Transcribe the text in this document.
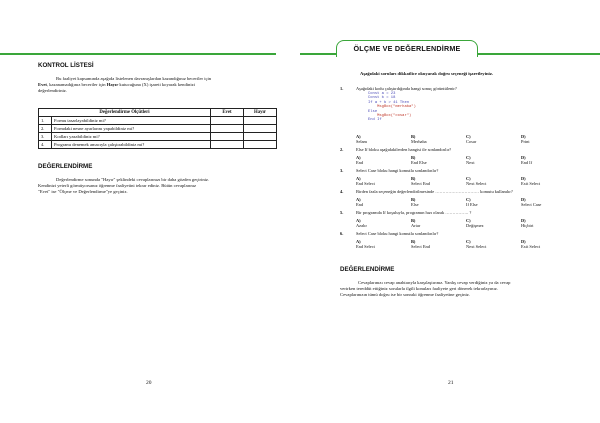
KONTROL LİSTESİ
Bu faaliyet kapsamında aşağıda listelenen davranışlardan kazandığınız beceriler için
Evet, kazanamadığınız beceriler için Hayır kutucuğuna (X) işareti koyarak kendinizi
değerlendiriniz.
Değerlendirme Ölçütleri		Evet	Hayır
1.	Formu tasarlayabildiniz mi?		
2.	Formdaki nesne ayarlarını yapabildiniz mi?		
3.	Kodları yazabildiniz mi?		
4.	Programı denemek amacıyla çalıştırabildiniz mi?		
DEĞERLENDİRME
Değerlendirme sonunda "Hayır" şeklindeki cevaplarınızı bir daha gözden geçiriniz.
Kendinizi yeterli görmüyorsanız öğrenme faaliyetini tekrar ediniz. Bütün cevaplarınız
"Evet" ise "Ölçme ve Değerlendirme"ye geçiniz.
20
ÖLÇME VE DEĞERLENDİRME
Aşağıdaki soruları dikkatlice okuyarak doğru seçeneği işaretleyiniz.
1.	Aşağıdaki kodu çalıştırdığında hangi sonuç görüntülenir?
Const a = 23
Const b = 18
If a + b > 41 Then
MsgBox("merhaba")
Else
MsgBox("cosar")
End If
A) Selam
B) Merhaba
C) Cosar
D) Print
2.	Else If bloku aşağıdakilerden hangisi ile sonlandırılır?
A) End
B) End Else
C) Next
D) End If
3.	Select Case bloku hangi komutla sonlandırılır?
A) End Select
B) Select End
C) Next Select
D) Exit Select
4.	Birden fazla seçeneğin değerlendirilmesinde ………………………… komutu kullanılır?
A) End
B) Else
C) If Else
D) Select Case
5.	Bir programda If koşuluyla, programın hızı olarak ……………. ?
A) Azalır
B) Artar
C) Değişmez
D) Hiçbiri
6.	Select Case bloku hangi komutla sonlandırılır?
A) End Select
B) Select End
C) Next Select
D) Exit Select
DEĞERLENDİRME
Cevaplarınızı cevap anahtarıyla karşılaştırınız. Yanlış cevap verdiğiniz ya da cevap
verirken tereddüt ettiğiniz sorularla ilgili konuları faaliyete geri dönerek tekrarlayınız.
Cevaplarınızın tümü doğru ise bir sonraki öğrenme faaliyetine geçiniz.
21
